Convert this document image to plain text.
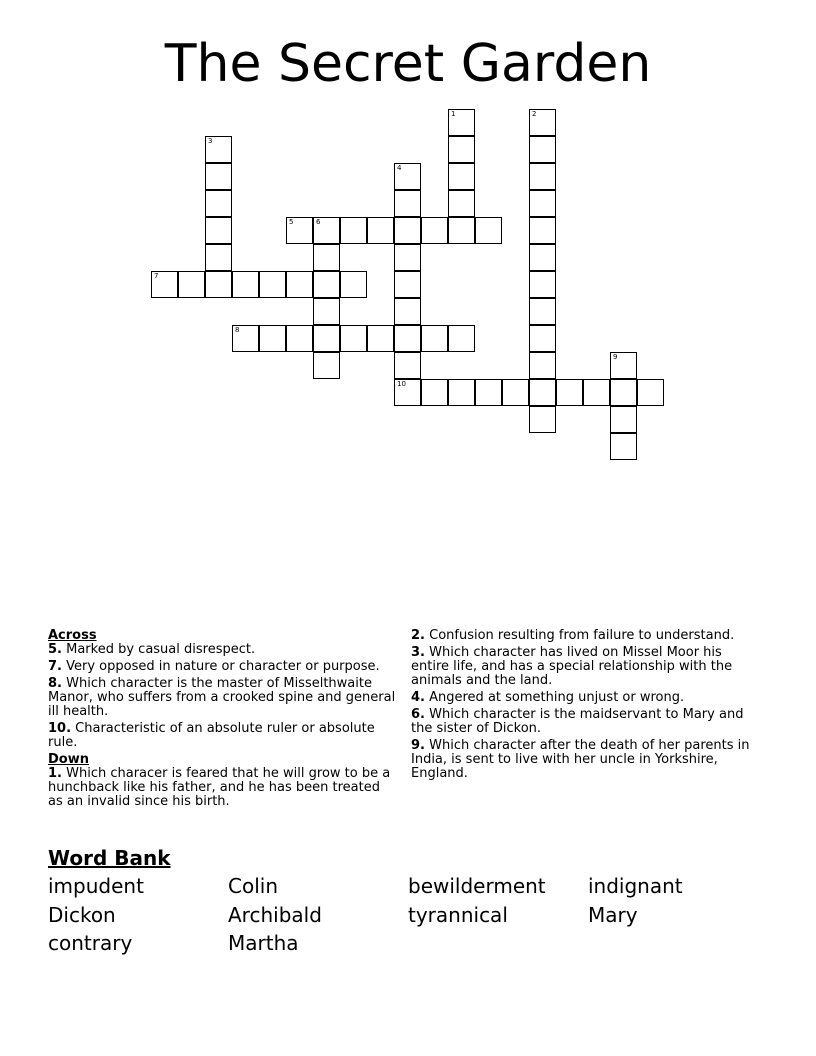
The Secret Garden
1	2
3
4
10
6
9
5
7
8
Across
5. Marked by casual disrespect.
7. Very opposed in nature or character or purpose.
8. Which character is the master of Misselthwaite Manor, who suffers from a crooked spine and general ill health.
10. Characteristic of an absolute ruler or absolute rule.
Down
1. Which characer is feared that he will grow to be a hunchback like his father, and he has been treated as an invalid since his birth.
2. Confusion resulting from failure to understand.
3. Which character has lived on Missel Moor his entire life, and has a special relationship with the animals and the land.
4. Angered at something unjust or wrong.
6. Which character is the maidservant to Mary and the sister of Dickon.
9. Which character after the death of her parents in India, is sent to live with her uncle in Yorkshire, England.
Word Bank
impudent	Colin	bewilderment indignant
Dickon	Archibald	tyrannical	Mary
contrary	Martha
